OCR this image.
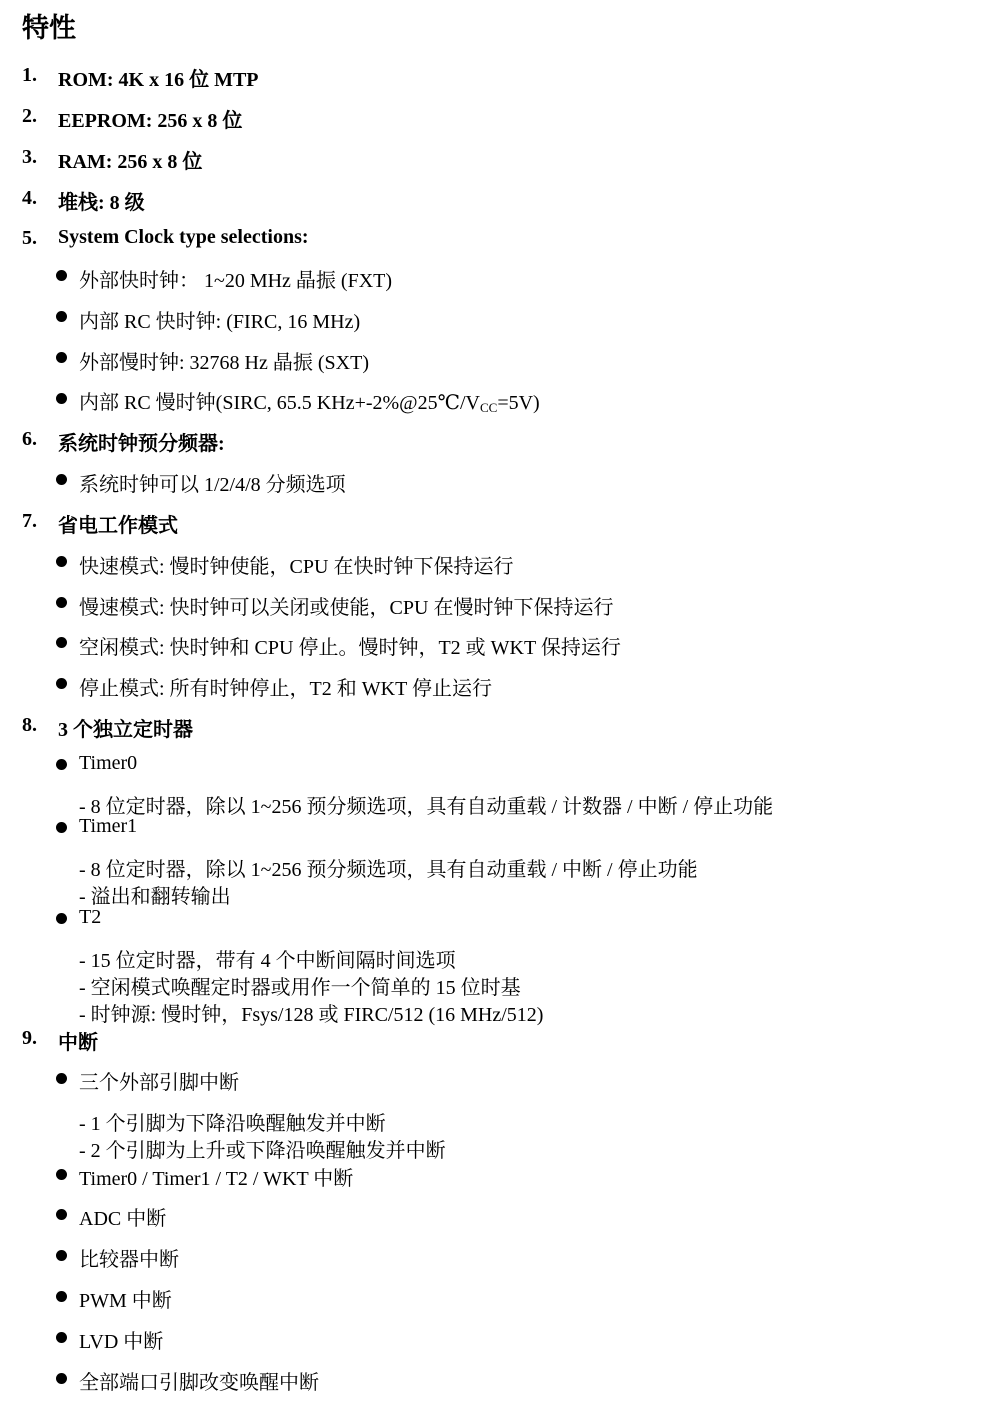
特性
1. ROM: 4K x 16 位 MTP
2. EEPROM: 256 x 8 位
3. RAM: 256 x 8 位
4. 堆栈: 8 级
5. System Clock type selections:
外部快时钟： 1~20 MHz 晶振 (FXT)
内部 RC 快时钟: (FIRC, 16 MHz)
外部慢时钟: 32768 Hz 晶振 (SXT)
内部 RC 慢时钟(SIRC, 65.5 $KHz+-2\%@25℃/V_{CC}=5V$)
6. 系统时钟预分频器:
系统时钟可以 1/2/4/8 分频选项
7. 省电工作模式
快速模式: 慢时钟使能，CPU 在快时钟下保持运行
慢速模式: 快时钟可以关闭或使能，CPU 在慢时钟下保持运行
空闲模式: 快时钟和 CPU 停止。慢时钟，T2 或 WKT 保持运行
停止模式: 所有时钟停止，T2 和 WKT 停止运行
8. 3 个独立定时器
Timer0
- 8 位定时器，除以 1~256 预分频选项，具有自动重载 / 计数器 / 中断 / 停止功能
Timer1
- 8 位定时器，除以 1~256 预分频选项，具有自动重载 / 中断 / 停止功能
- 溢出和翻转输出
T2
- 15 位定时器，带有 4 个中断间隔时间选项
- 空闲模式唤醒定时器或用作一个简单的 15 位时基
- 时钟源: 慢时钟，Fsys/128 或 FIRC/512 (16 MHz/512)
9. 中断
三个外部引脚中断
- 1 个引脚为下降沿唤醒触发并中断
- 2 个引脚为上升或下降沿唤醒触发并中断
Timer0 / Timer1 / T2 / WKT 中断
ADC 中断
比较器中断
PWM 中断
LVD 中断
全部端口引脚改变唤醒中断
